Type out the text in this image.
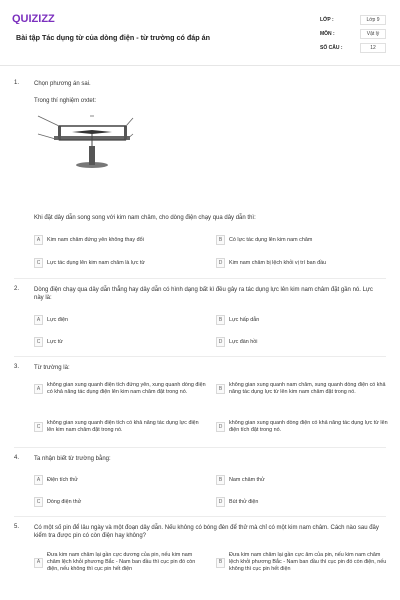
QUIZIZZ
Bài tập Tác dụng từ của dòng điện - từ trường có đáp án
LỚP :	Lớp 9
MÔN :	Vật lý
SỐ CÂU :	12
1. Chọn phương án sai.
Trong thí nghiệm ơxtet:
Khi đặt dây dẫn song song với kim nam châm, cho dòng điện chạy qua dây dẫn thì:
A	Kim nam châm đứng yên không thay đổi	B	Có lực tác dụng lên kim nam châm
C	Lực tác dụng lên kim nam châm là lực từ	D	Kim nam châm bị lệch khỏi vị trí ban đầu
2. Dòng điện chạy qua dây dẫn thẳng hay dây dẫn có hình dạng bất kì đều gây ra tác dụng lực lên kim nam châm đặt gần nó. Lực này là:
A	Lực điện	B	Lực hấp dẫn
C	Lực từ	D	Lực đàn hồi
3. Từ trường là:
A
không gian xung quanh điện tích đứng yên, xung quanh dòng điện có khả năng tác dụng điện lên kim nam châm đặt trong nó.
B
không gian xung quanh nam châm, xung quanh dòng điện có khả năng tác dụng lực từ lên kim nam châm đặt trong nó.
C
không gian xung quanh điện tích có khả năng tác dụng lực điện lên kim nam châm đặt trong nó.
D
không gian xung quanh dòng điện có khả năng tác dụng lực từ lên điện tích đặt trong nó.
4. Ta nhận biết từ trường bằng:
A	Điện tích thử	B	Nam châm thử
C	Dòng điện thử	D	Bút thử điện
5. Có một số pin để lâu ngày và một đoạn dây dẫn. Nếu không có bóng đèn để thử mà chỉ có một kim nam châm. Cách nào sau đây kiểm tra được pin có còn điện hay không?
A
Đưa kim nam châm lại gần cực dương của pin, nếu kim nam châm lệch khỏi phương Bắc - Nam ban đầu thì cục pin đó còn điện, nếu không thì cục pin hết điện
B
Đưa kim nam châm lại gần cực âm của pin, nếu kim nam châm lệch khỏi phương Bắc - Nam ban đầu thì cục pin đó còn điện, nếu không thì cục pin hết điện
